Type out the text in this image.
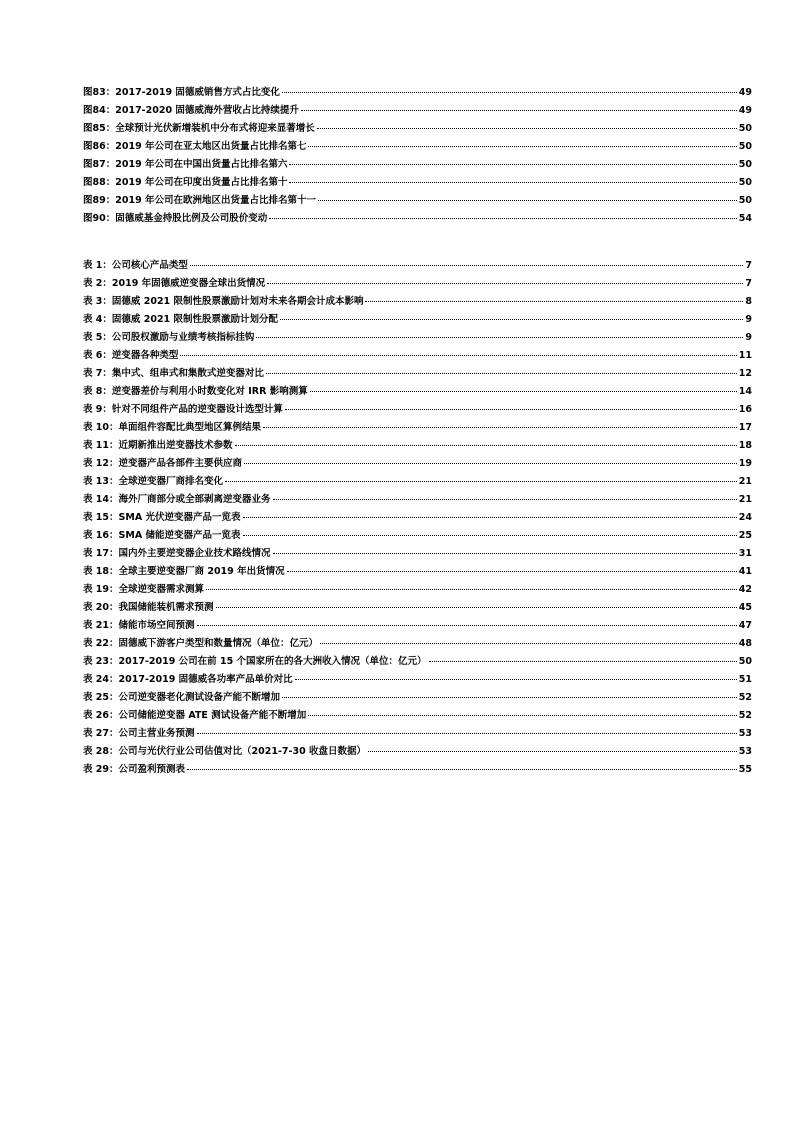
图83： 2017-2019 固德威销售方式占比变化	49
图84： 2017-2020 固德威海外营收占比持续提升	49
图85： 全球预计光伏新增装机中分布式将迎来显著增长	50
图86： 2019 年公司在亚太地区出货量占比排名第七	50
图87： 2019 年公司在中国出货量占比排名第六	50
图88： 2019 年公司在印度出货量占比排名第十	50
图89： 2019 年公司在欧洲地区出货量占比排名第十一	50
图90： 固德威基金持股比例及公司股价变动	54
表 1： 公司核心产品类型	7
表 2： 2019 年固德威逆变器全球出货情况	7
表 3： 固德威 2021 限制性股票激励计划对未来各期会计成本影响	8
表 4： 固德威 2021 限制性股票激励计划分配	9
表 5： 公司股权激励与业绩考核指标挂钩	9
表 6： 逆变器各种类型	11
表 7： 集中式、组串式和集散式逆变器对比	12
表 8： 逆变器差价与利用小时数变化对 IRR 影响测算	14
表 9： 针对不同组件产品的逆变器设计选型计算	16
表 10： 单面组件容配比典型地区算例结果	17
表 11： 近期新推出逆变器技术参数	18
表 12： 逆变器产品各部件主要供应商	19
表 13： 全球逆变器厂商排名变化	21
表 14： 海外厂商部分或全部剥离逆变器业务	21
表 15： SMA 光伏逆变器产品一览表	24
表 16： SMA 储能逆变器产品一览表	25
表 17： 国内外主要逆变器企业技术路线情况	31
表 18： 全球主要逆变器厂商 2019 年出货情况	41
表 19： 全球逆变器需求测算	42
表 20： 我国储能装机需求预测	45
表 21： 储能市场空间预测	47
表 22： 固德威下游客户类型和数量情况（单位：亿元）	48
表 23： 2017-2019 公司在前 15 个国家所在的各大洲收入情况（单位：亿元）	50
表 24： 2017-2019 固德威各功率产品单价对比	51
表 25： 公司逆变器老化测试设备产能不断增加	52
表 26： 公司储能逆变器 ATE 测试设备产能不断增加	52
表 27： 公司主营业务预测	53
表 28： 公司与光伏行业公司估值对比（2021-7-30 收盘日数据）	53
表 29： 公司盈利预测表	55
